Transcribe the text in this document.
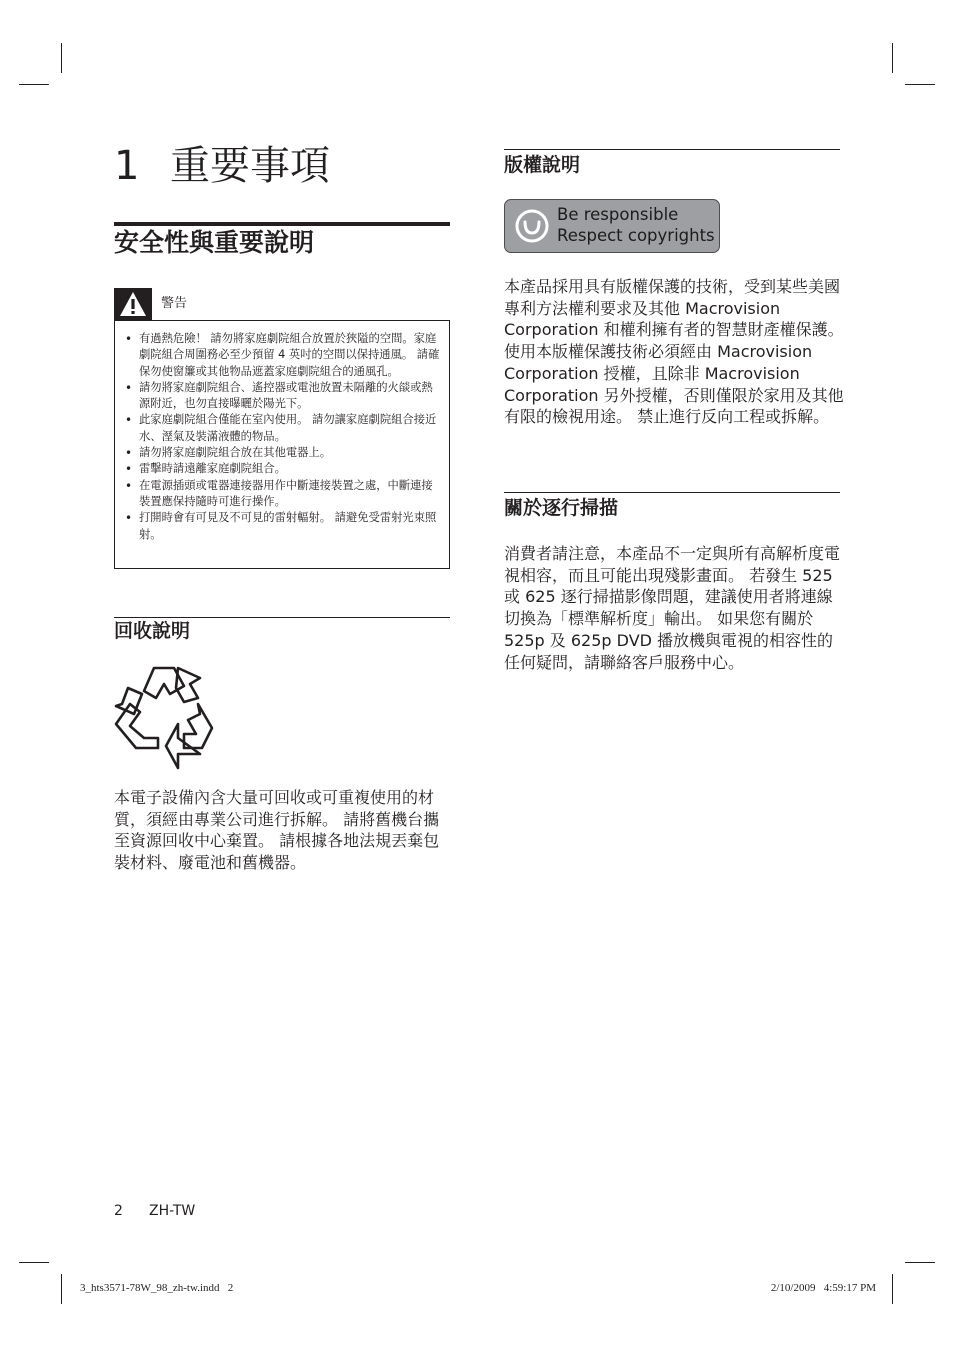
1 重要事項
安全性與重要說明
警告
• 有過熱危險！ 請勿將家庭劇院組合放置於狹隘的空間。家庭劇院組合周圍務必至少預留 4 英吋的空間以保持通風。 請確保勿使窗簾或其他物品遮蓋家庭劇院組合的通風孔。
• 請勿將家庭劇院組合、遙控器或電池放置未隔離的火燄或熱源附近，也勿直接曝曬於陽光下。
• 此家庭劇院組合僅能在室內使用。 請勿讓家庭劇院組合接近水、溼氣及裝滿液體的物品。
• 請勿將家庭劇院組合放在其他電器上。
• 雷擊時請遠離家庭劇院組合。
• 在電源插頭或電器連接器用作中斷連接裝置之處，中斷連接裝置應保持隨時可進行操作。
• 打開時會有可見及不可見的雷射輻射。 請避免受雷射光束照射。
回收說明

本電子設備內含大量可回收或可重複使用的材質，須經由專業公司進行拆解。 請將舊機台攜至資源回收中心棄置。 請根據各地法規丟棄包裝材料、廢電池和舊機器。

版權說明
Be responsible
Respect copyrights

本產品採用具有版權保護的技術，受到某些美國 專利方法權利要求及其他 Macrovision Corporation 和權利擁有者的智慧財產權保護。 使用本版權保護技術必須經由 Macrovision Corporation 授權，且除非 Macrovision Corporation 另外授權，否則僅限於家用及其他有限的檢視用途。 禁止進行反向工程或拆解。

關於逐行掃描

消費者請注意，本產品不一定與所有高解析度電視相容，而且可能出現殘影畫面。 若發生 525 或 625 逐行掃描影像問題，建議使用者將連線切換為「標準解析度」輸出。 如果您有關於 525p 及 625p DVD 播放機與電視的相容性的任何疑問，請聯絡客戶服務中心。

2 ZH-TW
3_hts3571-78W_98_zh-tw.indd   2	2/10/2009   4:59:17 PM
